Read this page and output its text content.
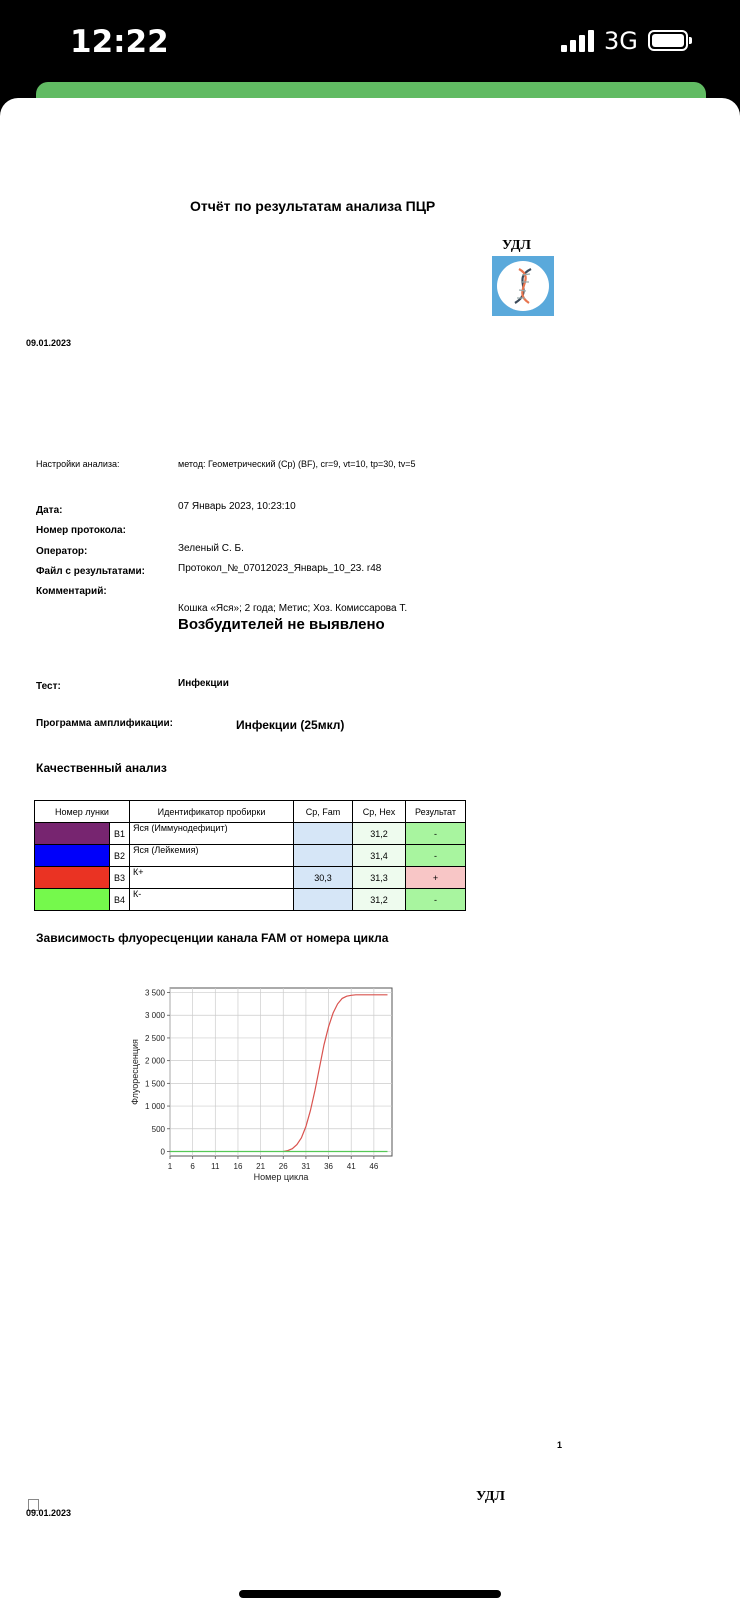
12:22	3G
Отчёт по результатам анализа ПЦР
УДЛ
09.01.2023
Настройки анализа:	метод: Геометрический (Cp) (BF), cr=9, vt=10, tp=30, tv=5
Дата:	07 Январь 2023, 10:23:10
Номер протокола:
Оператор:	Зеленый С. Б.
Файл с результатами:	Протокол_№_07012023_Январь_10_23. r48
Комментарий:
Кошка «Яся»; 2 года; Метис; Хоз. Комиссарова Т.
Возбудителей не выявлено
Тест:	Инфекции
Программа амплификации:	Инфекции (25мкл)
Качественный анализ
Номер лунки		Идентификатор пробирки	Cp, Fam	Cp, Hex	Результат
	B1	Яся (Иммунодефицит)		31,2	-
	B2	Яся (Лейкемия)		31,4	-
	B3	К+	30,3	31,3	+
	B4	К-		31,2	-
Зависимость флуоресценции канала FAM от номера цикла
1 6 11 16 21 26 31 36 41 46
0
500
1 000
1 500
2 000
2 500
3 000
3 500
Номер цикла
Флуоресценция
1
УДЛ
09.01.2023
